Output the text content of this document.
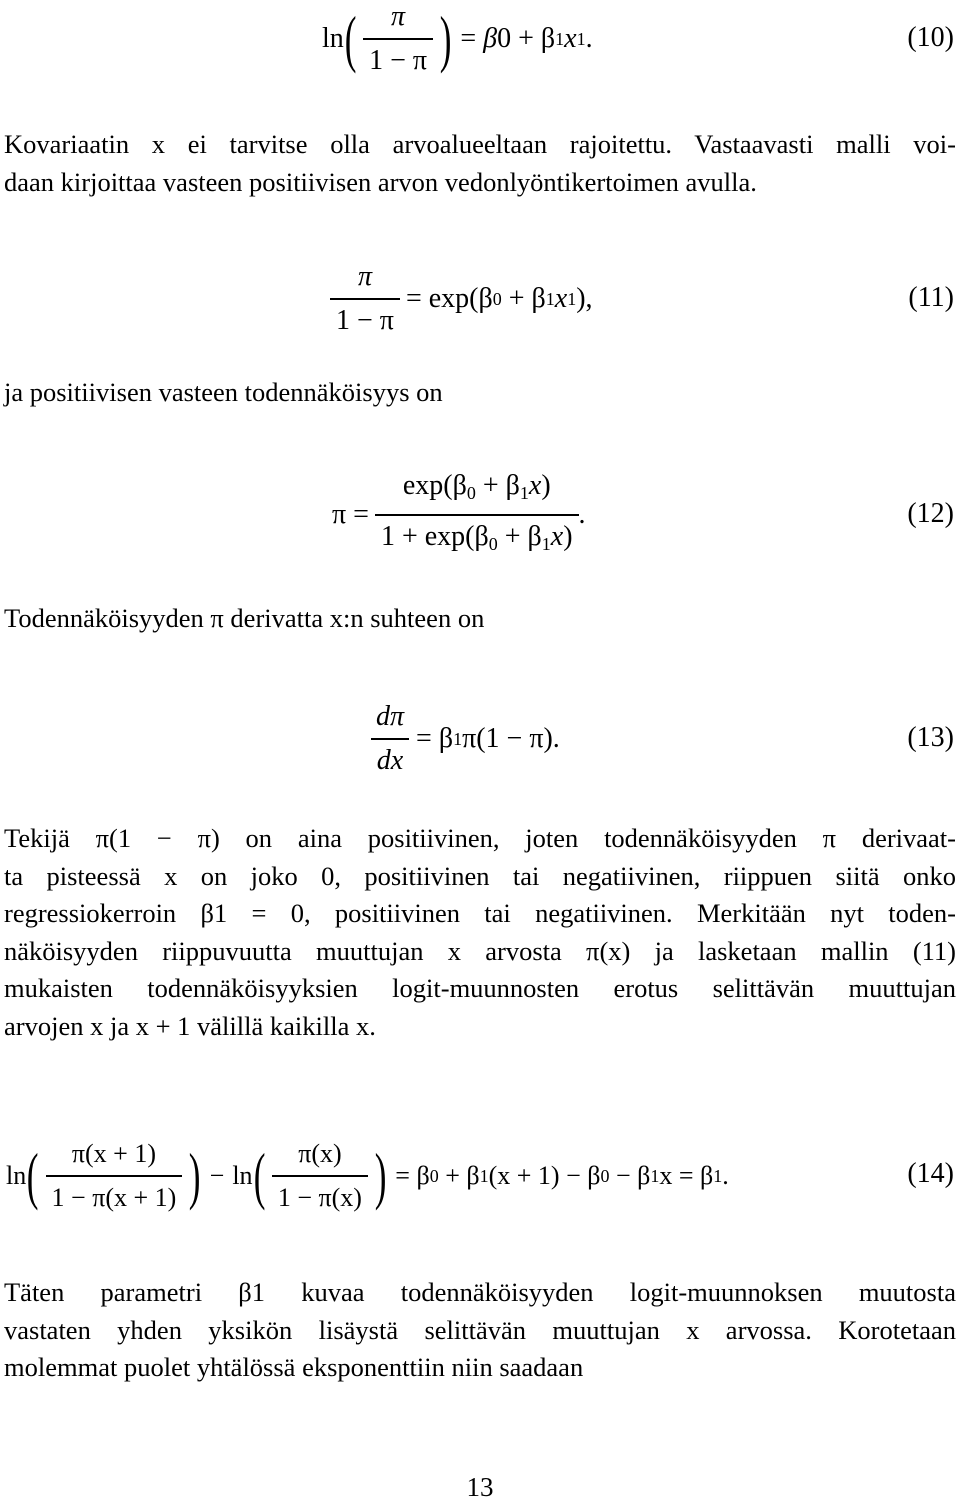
ln ( $\frac{\pi}{1 - \pi}$ ) = β 0 + β 1 x 1 .	(10)
Kovariaatin x ei tarvitse olla arvoalueeltaan rajoitettu. Vastaavasti malli voi-
daan kirjoittaa vasteen positiivisen arvon vedonlyöntikertoimen avulla.
$\frac{\pi}{1 - \pi} = \exp(\beta$ 0 + β 1 x 1 ),	(11)
ja positiivisen vasteen todennäköisyys on
$\pi = \frac{\exp(\beta_0 + \beta_1x)}{1 + \exp(\beta_0 + \beta_1x)}$ .	(12)
Todennäköisyyden π derivatta x:n suhteen on
$\frac{d\pi}{dx} = \beta$ 1 π(1 − π).	(13)
Tekijä π(1 − π) on aina positiivinen, joten todennäköisyyden π derivaat-
ta pisteessä x on joko 0, positiivinen tai negatiivinen, riippuen siitä onko
regressiokerroin β1 = 0, positiivinen tai negatiivinen. Merkitään nyt toden-
näköisyyden riippuvuutta muuttujan x arvosta π(x) ja lasketaan mallin (11)
mukaisten todennäköisyyksien logit-muunnosten erotus selittävän muuttujan
arvojen x ja x + 1 välillä kaikilla x.
ln ( $\frac{\pi(x + 1)}{1 - \pi(x + 1)}$ ) − ln ( $\frac{\pi(x)}{1 - \pi(x)}$ ) = β 0 + β 1 (x + 1) − β 0 − β 1 x = β 1 .	(14)
Täten parametri β1 kuvaa todennäköisyyden logit-muunnoksen muutosta
vastaten yhden yksikön lisäystä selittävän muuttujan x arvossa. Korotetaan
molemmat puolet yhtälössä eksponenttiin niin saadaan
13
